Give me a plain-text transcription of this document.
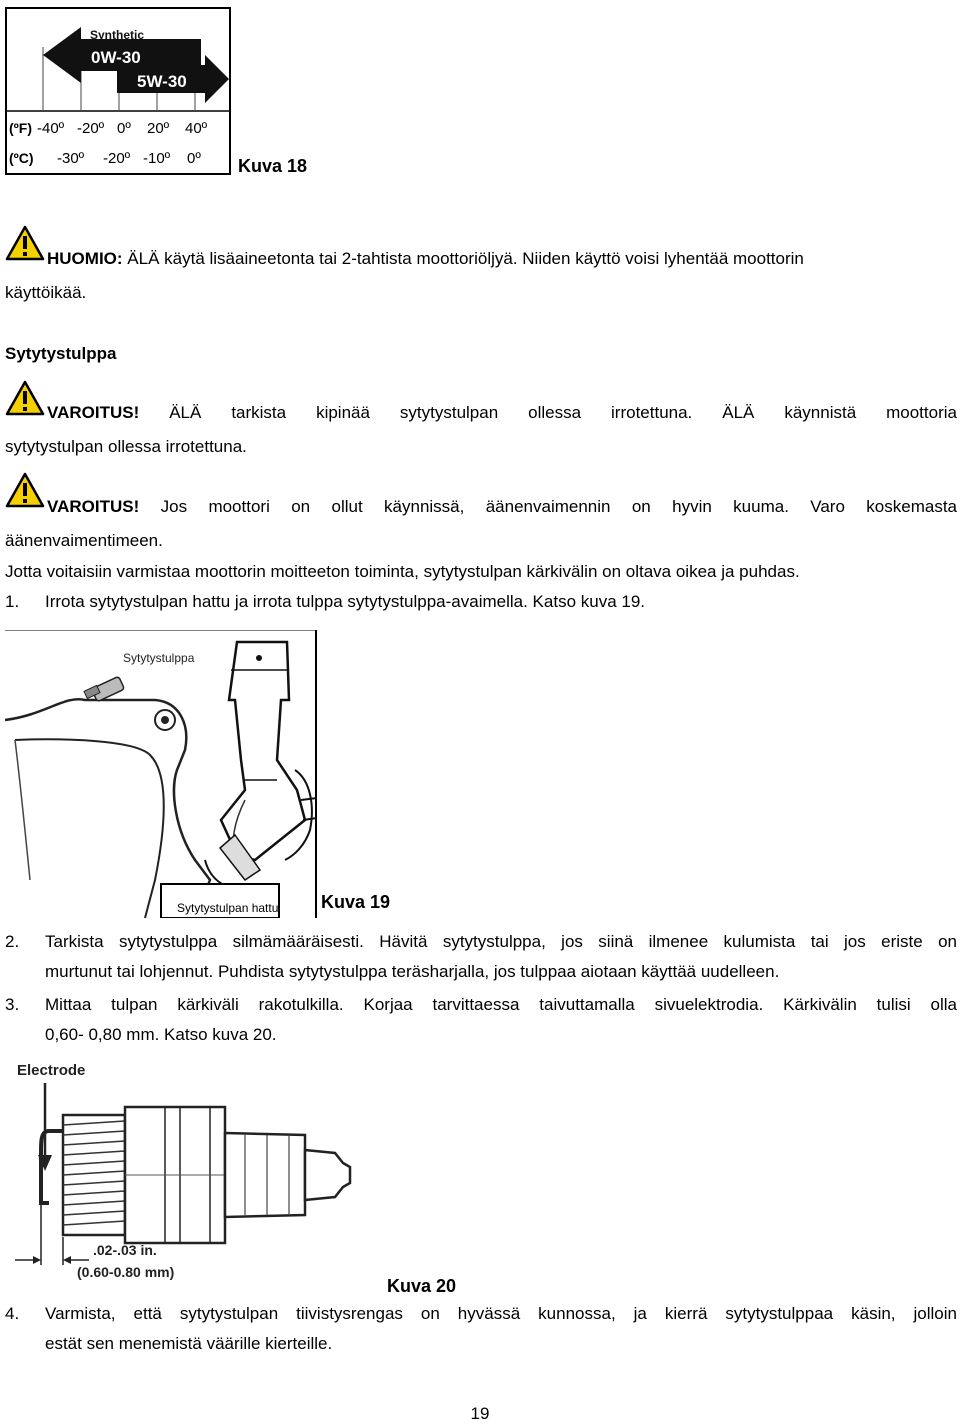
Synthetic
0W-30
5W-30
(ºF) -40º -20º 0º 20º 40º
(ºC) -30º -20º -10º 0º Kuva 18
HUOMIO: ÄLÄ käytä lisäaineetonta tai 2-tahtista moottoriöljyä. Niiden käyttö voisi lyhentää moottorin
käyttöikää.
Sytytystulppa
VAROITUS! ÄLÄ tarkista kipinää sytytystulpan ollessa irrotettuna. ÄLÄ käynnistä moottoria
sytytystulpan ollessa irrotettuna.
VAROITUS! Jos moottori on ollut käynnissä, äänenvaimennin on hyvin kuuma. Varo koskemasta
äänenvaimentimeen.
Jotta voitaisiin varmistaa moottorin moitteeton toiminta, sytytystulpan kärkivälin on oltava oikea ja puhdas.
1. Irrota sytytystulpan hattu ja irrota tulppa sytytystulppa-avaimella. Katso kuva 19.
Sytytystulppa
Sytytystulpan hattu Kuva 19
2. Tarkista sytytystulppa silmämääräisesti. Hävitä sytytystulppa, jos siinä ilmenee kulumista tai jos eriste on
murtunut tai lohjennut. Puhdista sytytystulppa teräsharjalla, jos tulppaa aiotaan käyttää uudelleen.
3. Mittaa tulpan kärkiväli rakotulkilla. Korjaa tarvittaessa taivuttamalla sivuelektrodia. Kärkivälin tulisi olla
0,60- 0,80 mm. Katso kuva 20.
Electrode
.02-.03 in.
(0.60-0.80 mm)
Kuva 20
4. Varmista, että sytytystulpan tiivistysrengas on hyvässä kunnossa, ja kierrä sytytystulppaa käsin, jolloin
estät sen menemistä väärille kierteille.
19
